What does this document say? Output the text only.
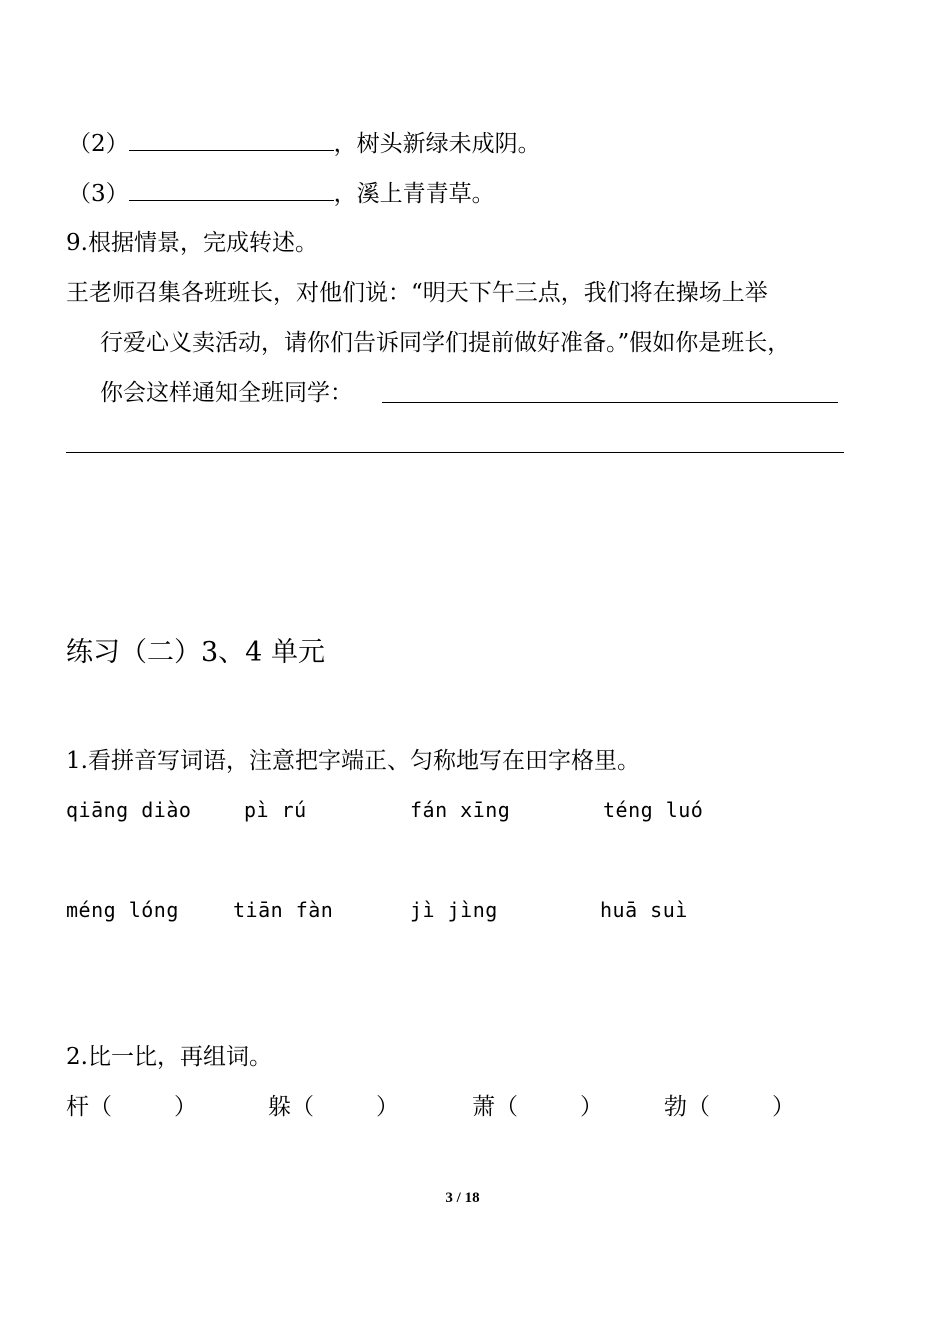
（2）	，树头新绿未成阴。
（3）	，溪上青青草。
9.根据情景，完成转述。
王老师召集各班班长，对他们说：“明天下午三点，我们将在操场上举
行爱心义卖活动，请你们告诉同学们提前做好准备。”假如你是班长，
你会这样通知全班同学：
练习（二）3、4 单元
1.看拼音写词语，注意把字端正、匀称地写在田字格里。
qiāng diào	pì rú	fán xīng	téng luó
méng lóng	tiān fàn	jì jìng	huā suì
2.比一比，再组词。
杆（	）	躲（	）	萧（	）	勃（	）
3 / 18
